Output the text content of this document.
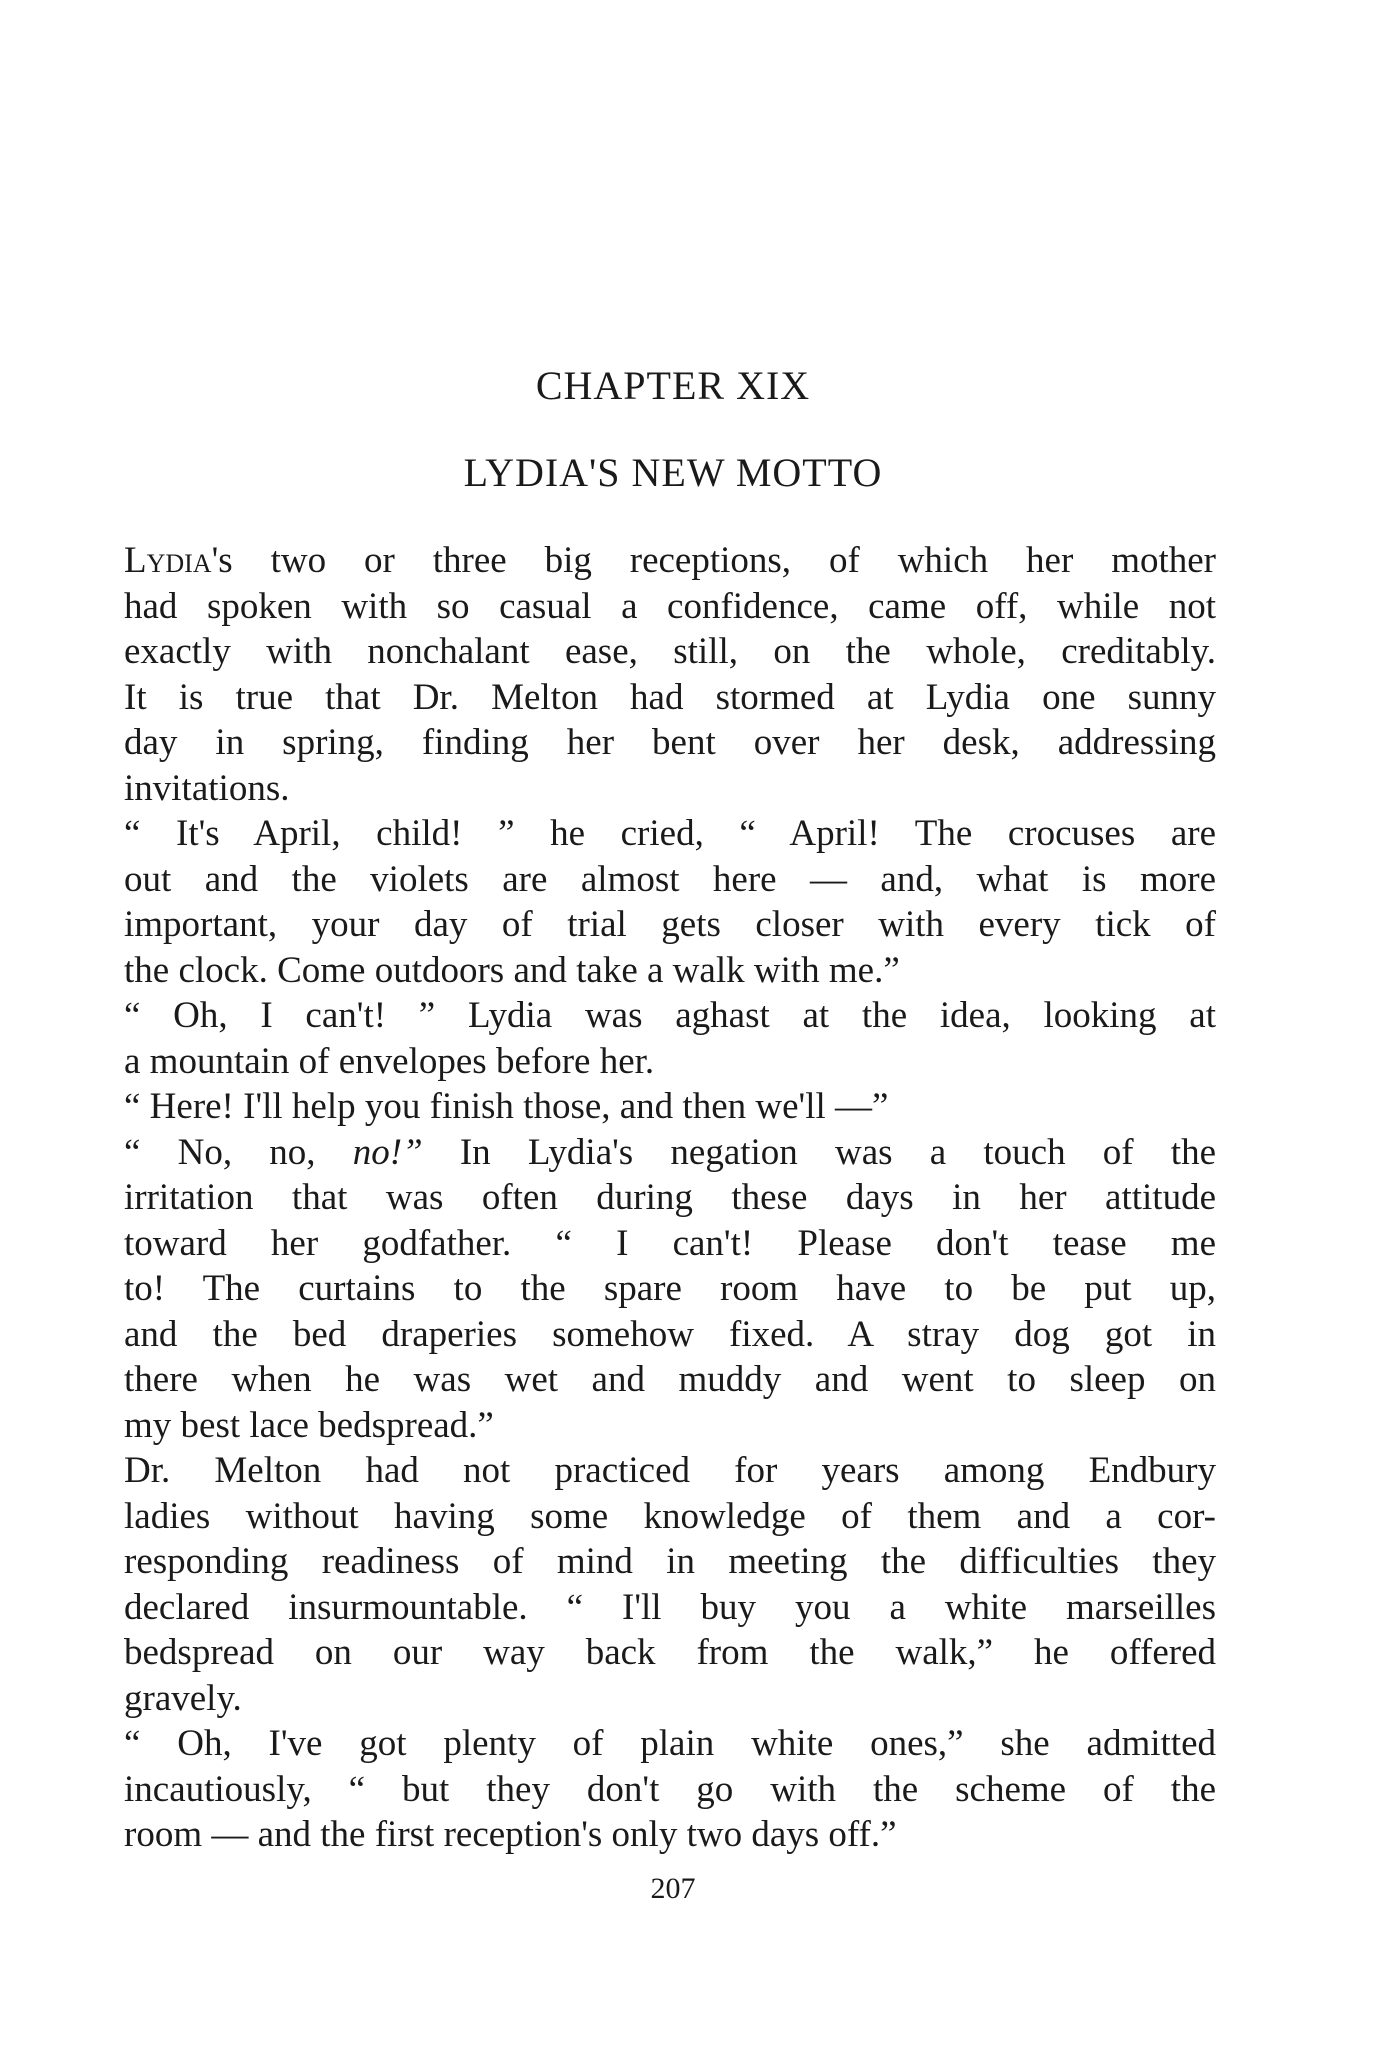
CHAPTER XIX
LYDIA'S NEW MOTTO
Lydia's two or three big receptions, of which her mother
had spoken with so casual a confidence, came off, while not
exactly with nonchalant ease, still, on the whole, creditably.
It is true that Dr. Melton had stormed at Lydia one sunny
day in spring, finding her bent over her desk, addressing
invitations.
“ It's April, child! ” he cried, “ April! The crocuses are
out and the violets are almost here — and, what is more
important, your day of trial gets closer with every tick of
the clock. Come outdoors and take a walk with me.”
“ Oh, I can't! ” Lydia was aghast at the idea, looking at
a mountain of envelopes before her.
“ Here! I'll help you finish those, and then we'll —”
“ No, no, no!” In Lydia's negation was a touch of the
irritation that was often during these days in her attitude
toward her godfather. “ I can't! Please don't tease me
to! The curtains to the spare room have to be put up,
and the bed draperies somehow fixed. A stray dog got in
there when he was wet and muddy and went to sleep on
my best lace bedspread.”
Dr. Melton had not practiced for years among Endbury
ladies without having some knowledge of them and a cor-
responding readiness of mind in meeting the difficulties they
declared insurmountable. “ I'll buy you a white marseilles
bedspread on our way back from the walk,” he offered
gravely.
“ Oh, I've got plenty of plain white ones,” she admitted
incautiously, “ but they don't go with the scheme of the
room — and the first reception's only two days off.”
207
